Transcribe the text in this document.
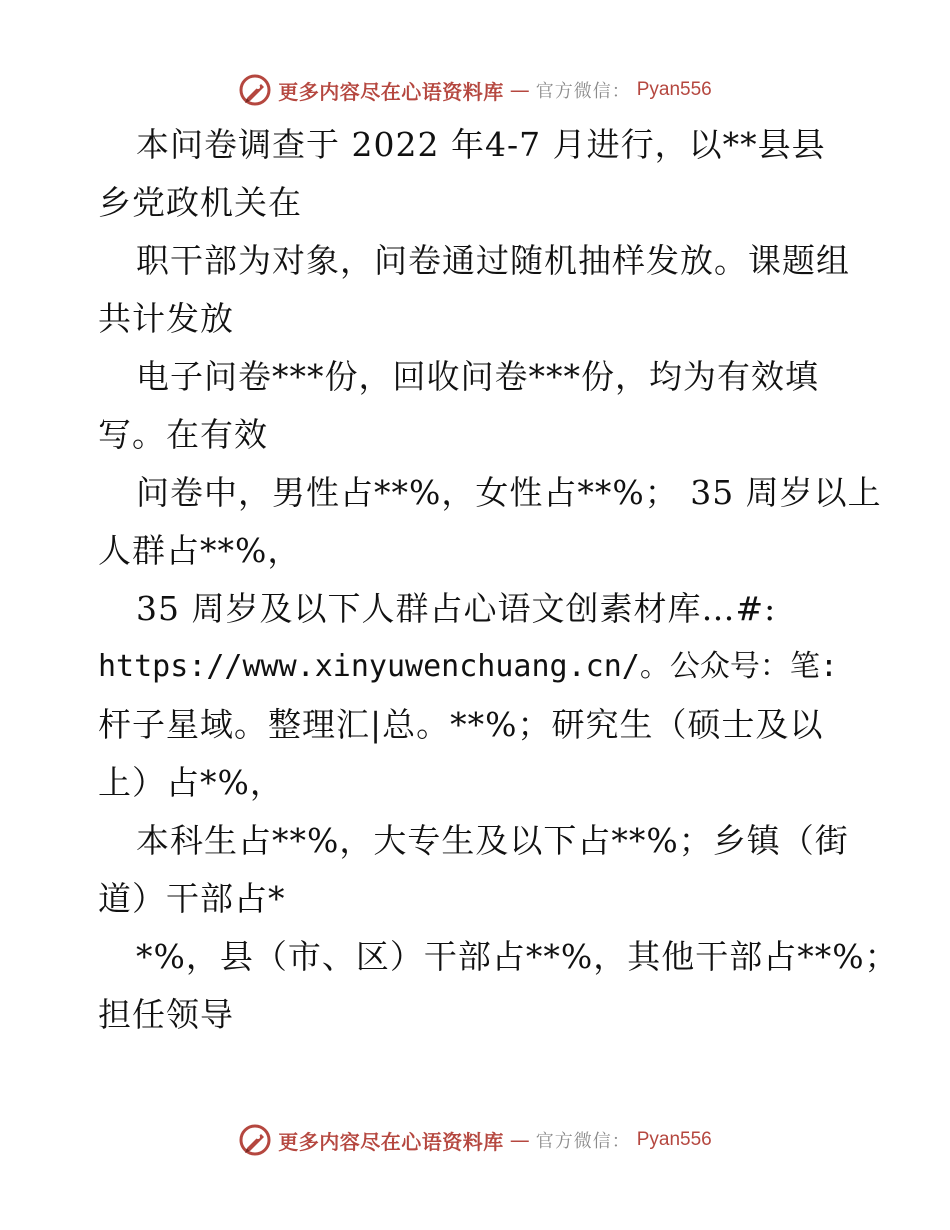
更多内容尽在心语资料库 — 官方微信： Pyan556
本问卷调查于 2022 年4-7 月进行，以**县县
乡党政机关在
职干部为对象，问卷通过随机抽样发放。课题组
共计发放
电子问卷***份，回收问卷***份，均为有效填
写。在有效
问卷中，男性占**%，女性占**%； 35 周岁以上
人群占**%，
35 周岁及以下人群占心语文创素材库…#:
https://www.xinyuwenchuang.cn/。公众号：笔:
杆子星域。整理汇|总。**%；研究生（硕士及以
上）占*%，
本科生占**%，大专生及以下占**%；乡镇（街
道）干部占*
*%，县（市、区）干部占**%，其他干部占**%；
担任领导
更多内容尽在心语资料库 — 官方微信： Pyan556
